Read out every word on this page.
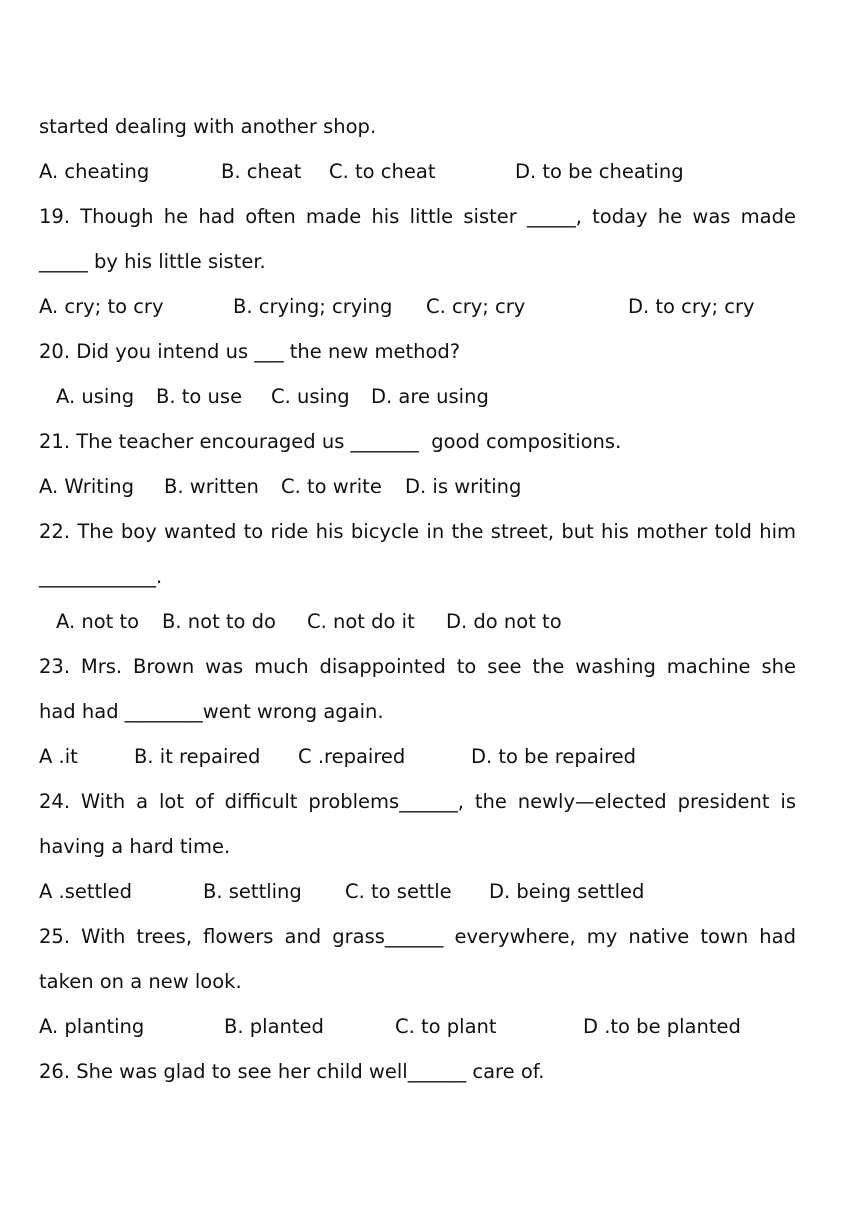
started dealing with another shop.
A. cheating	B. cheat	C. to cheat	D. to be cheating
19. Though he had often made his little sister _____, today he was made
_____ by his little sister.
A. cry; to cry	B. crying; crying	C. cry; cry	D. to cry; cry
20. Did you intend us ___ the new method?
A. using	B. to use	C. using	D. are using
21. The teacher encouraged us _______  good compositions.
A. Writing	B. written	C. to write	D. is writing
22. The boy wanted to ride his bicycle in the street, but his mother told him
____________.
A. not to	B. not to do	C. not do it	D. do not to
23. Mrs. Brown was much disappointed to see the washing machine she
had had ________went wrong again.
A .it	B. it repaired	C .repaired	D. to be repaired
24. With a lot of difficult problems______, the newly—elected president is
having a hard time.
A .settled	B. settling	C. to settle	D. being settled
25. With trees, flowers and grass______ everywhere, my native town had
taken on a new look.
A. planting	B. planted	C. to plant	D .to be planted
26. She was glad to see her child well______ care of.
